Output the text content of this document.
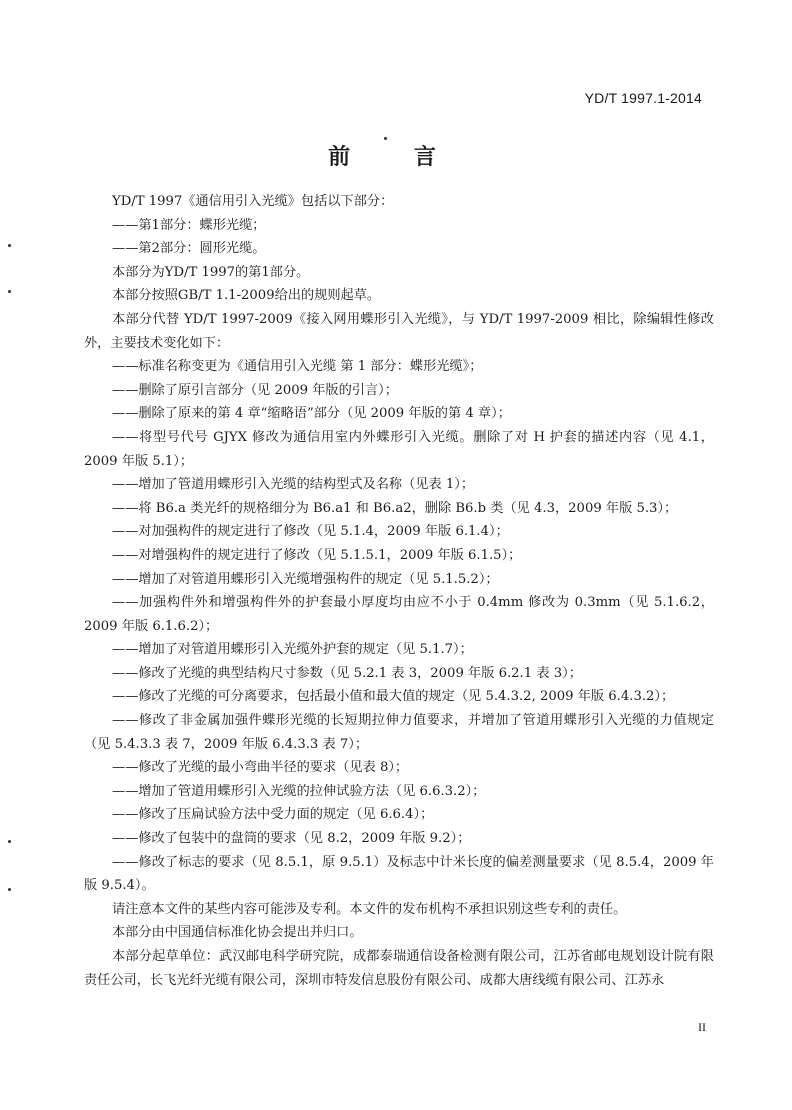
YD/T 1997.1-2014
前 言

YD/T 1997《通信用引入光缆》包括以下部分：

——第1部分：蝶形光缆；

——第2部分：圆形光缆。

本部分为YD/T 1997的第1部分。

本部分按照GB/T 1.1-2009给出的规则起草。

本部分代替 YD/T 1997-2009《接入网用蝶形引入光缆》，与 YD/T 1997-2009 相比，除编辑性修改外，主要技术变化如下：

——标准名称变更为《通信用引入光缆 第 1 部分：蝶形光缆》；

——删除了原引言部分（见 2009 年版的引言）；

——删除了原来的第 4 章“缩略语”部分（见 2009 年版的第 4 章）；

——将型号代号 GJYX 修改为通信用室内外蝶形引入光缆。删除了对 H 护套的描述内容（见 4.1，2009 年版 5.1）；

——增加了管道用蝶形引入光缆的结构型式及名称（见表 1）；

——将 B6.a 类光纤的规格细分为 B6.a1 和 B6.a2，删除 B6.b 类（见 4.3，2009 年版 5.3）；

——对加强构件的规定进行了修改（见 5.1.4，2009 年版 6.1.4）；

——对增强构件的规定进行了修改（见 5.1.5.1，2009 年版 6.1.5）；

——增加了对管道用蝶形引入光缆增强构件的规定（见 5.1.5.2）；

——加强构件外和增强构件外的护套最小厚度均由应不小于 0.4mm 修改为 0.3mm（见 5.1.6.2，2009 年版 6.1.6.2）；

——增加了对管道用蝶形引入光缆外护套的规定（见 5.1.7）；

——修改了光缆的典型结构尺寸参数（见 5.2.1 表 3，2009 年版 6.2.1 表 3）；

——修改了光缆的可分离要求，包括最小值和最大值的规定（见 5.4.3.2, 2009 年版 6.4.3.2）；

——修改了非金属加强件蝶形光缆的长短期拉伸力值要求，并增加了管道用蝶形引入光缆的力值规定（见 5.4.3.3 表 7，2009 年版 6.4.3.3 表 7）；

——修改了光缆的最小弯曲半径的要求（见表 8）；

——增加了管道用蝶形引入光缆的拉伸试验方法（见 6.6.3.2）；

——修改了压扁试验方法中受力面的规定（见 6.6.4）；

——修改了包装中的盘筒的要求（见 8.2，2009 年版 9.2）；

——修改了标志的要求（见 8.5.1，原 9.5.1）及标志中计米长度的偏差测量要求（见 8.5.4，2009 年版 9.5.4）。

请注意本文件的某些内容可能涉及专利。本文件的发布机构不承担识别这些专利的责任。

本部分由中国通信标准化协会提出并归口。

本部分起草单位：武汉邮电科学研究院，成都泰瑞通信设备检测有限公司，江苏省邮电规划设计院有限责任公司，长飞光纤光缆有限公司，深圳市特发信息股份有限公司、成都大唐线缆有限公司、江苏永

II
